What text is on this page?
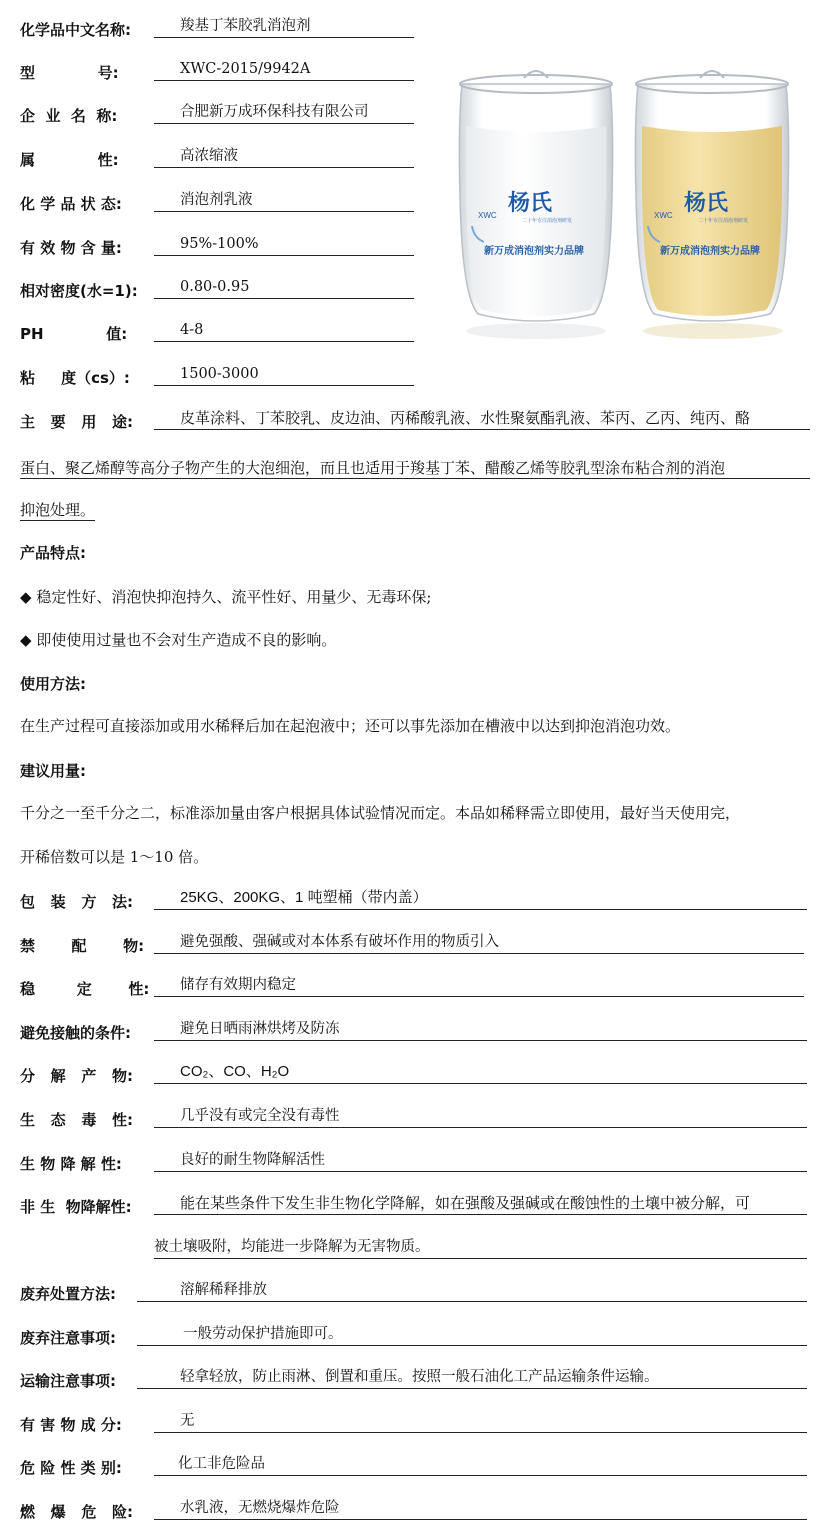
化学品中文名称:	羧基丁苯胶乳消泡剂
型            号:	XWC-2015/9942A
企  业  名  称:	合肥新万成环保科技有限公司
属            性:	高浓缩液
化 学 品 状 态:	消泡剂乳液
有 效 物 含 量:	95%-100%
相对密度(水=1):	0.80-0.95
PH            值:	4-8
粘     度（cs）:	1500-3000
杨氏
XWC
二十年专注消泡剂研发
新万成消泡剂实力品牌
杨氏
XWC
二十年专注消泡剂研发
新万成消泡剂实力品牌
主   要   用   途:	皮革涂料、丁苯胶乳、皮边油、丙稀酸乳液、水性聚氨酯乳液、苯丙、乙丙、纯丙、酪
蛋白、聚乙烯醇等高分子物产生的大泡细泡，而且也适用于羧基丁苯、醋酸乙烯等胶乳型涂布粘合剂的消泡
抑泡处理。
产品特点:
◆ 稳定性好、消泡快抑泡持久、流平性好、用量少、无毒环保;
◆ 即使使用过量也不会对生产造成不良的影响。
使用方法:
在生产过程可直接添加或用水稀释后加在起泡液中；还可以事先添加在槽液中以达到抑泡消泡功效。
建议用量:
千分之一至千分之二，标准添加量由客户根据具体试验情况而定。本品如稀释需立即使用，最好当天使用完，
开稀倍数可以是 1～10 倍。
包   装   方   法:	25KG、200KG、1 吨塑桶（带内盖）
禁       配       物:	避免强酸、强碱或对本体系有破坏作用的物质引入
稳        定       性:	储存有效期内稳定
避免接触的条件:	避免日晒雨淋烘烤及防冻
分   解   产   物:	CO₂、CO、H₂O
生   态   毒   性:	几乎没有或完全没有毒性
生 物 降 解 性:	良好的耐生物降解活性
非 生  物降解性:	能在某些条件下发生非生物化学降解，如在强酸及强碱或在酸蚀性的土壤中被分解，可
被土壤吸附，均能进一步降解为无害物质。
废弃处置方法:	溶解稀释排放
废弃注意事项:	一般劳动保护措施即可。
运输注意事项:	轻拿轻放，防止雨淋、倒置和重压。按照一般石油化工产品运输条件运输。
有 害 物 成 分:	无
危 险 性 类 别:	化工非危险品
燃   爆   危   险:	水乳液，无燃烧爆炸危险
